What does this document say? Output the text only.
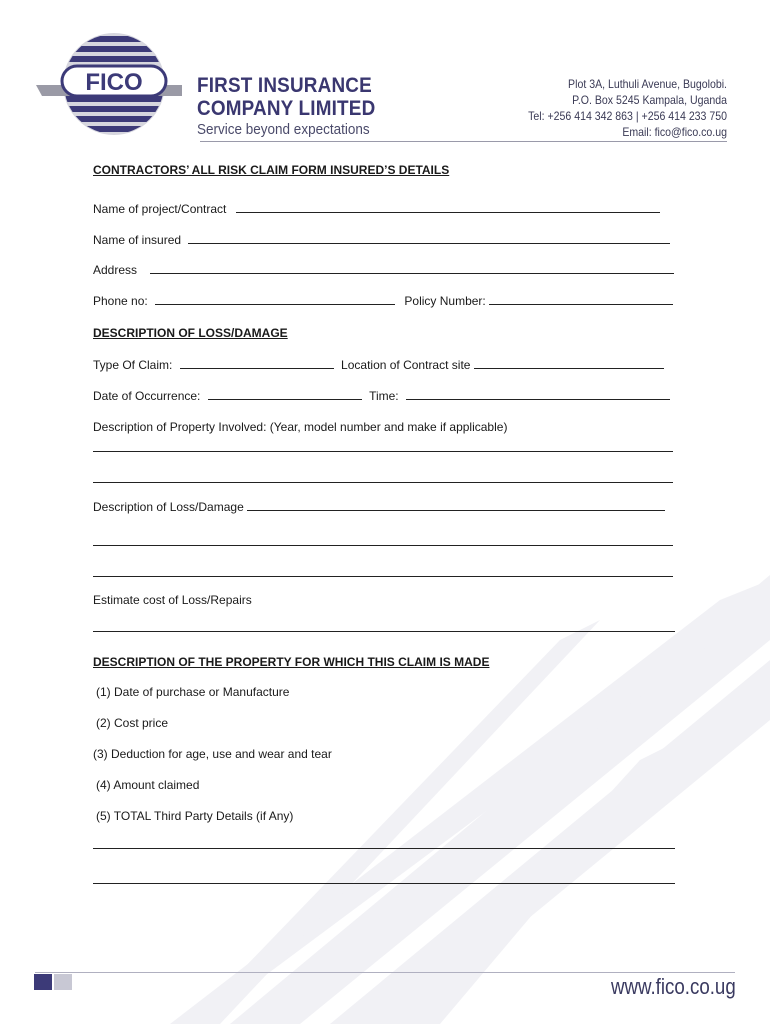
FICO	FIRST INSURANCE
COMPANY LIMITED
Service beyond expectations
Plot 3A, Luthuli Avenue, Bugolobi.
P.O. Box 5245 Kampala, Uganda
Tel: +256 414 342 863 | +256 414 233 750
Email: fico@fico.co.ug
CONTRACTORS’ ALL RISK CLAIM FORM INSURED’S DETAILS
Name of project/Contract
Name of insured
Address
Phone no:	Policy Number:
DESCRIPTION OF LOSS/DAMAGE
Type Of Claim:	Location of Contract site
Date of Occurrence:	Time:
Description of Property Involved: (Year, model number and make if applicable)
Description of Loss/Damage
Estimate cost of Loss/Repairs
DESCRIPTION OF THE PROPERTY FOR WHICH THIS CLAIM IS MADE
(1) Date of purchase or Manufacture
(2) Cost price
(3) Deduction for age, use and wear and tear
(4) Amount claimed
(5) TOTAL Third Party Details (if Any)
www.fico.co.ug
